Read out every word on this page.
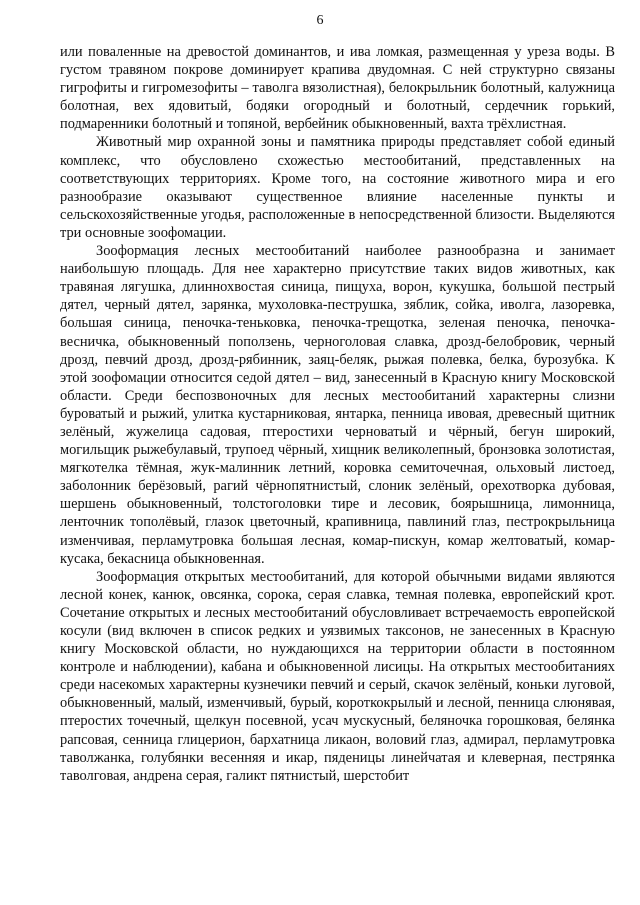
6

или поваленные на древостой доминантов, и ива ломкая, размещенная у уреза воды. В густом травяном покрове доминирует крапива двудомная. С ней структурно связаны гигрофиты и гигромезофиты – таволга вязолистная), белокрыльник болотный, калужница болотная, вех ядовитый, бодяки огородный и болотный, сердечник горький, подмаренники болотный и топяной, вербейник обыкновенный, вахта трёхлистная.

Животный мир охранной зоны и памятника природы представляет собой единый комплекс, что обусловлено схожестью местообитаний, представленных на соответствующих территориях. Кроме того, на состояние животного мира и его разнообразие оказывают существенное влияние населенные пункты и сельскохозяйственные угодья, расположенные в непосредственной близости. Выделяются три основные зоофомации.

Зооформация лесных местообитаний наиболее разнообразна и занимает наибольшую площадь. Для нее характерно присутствие таких видов животных, как травяная лягушка, длиннохвостая синица, пищуха, ворон, кукушка, большой пестрый дятел, черный дятел, зарянка, мухоловка-пеструшка, зяблик, сойка, иволга, лазоревка, большая синица, пеночка-теньковка, пеночка-трещотка, зеленая пеночка, пеночка-весничка, обыкновенный поползень, черноголовая славка, дрозд-белобровик, черный дрозд, певчий дрозд, дрозд-рябинник, заяц-беляк, рыжая полевка, белка, бурозубка. К этой зоофомации относится седой дятел – вид, занесенный в Красную книгу Московской области. Среди беспозвоночных для лесных местообитаний характерны слизни буроватый и рыжий, улитка кустарниковая, янтарка, пенница ивовая, древесный щитник зелёный, жужелица садовая, птеростихи черноватый и чёрный, бегун широкий, могильщик рыжебулавый, трупоед чёрный, хищник великолепный, бронзовка золотистая, мягкотелка тёмная, жук-малинник летний, коровка семиточечная, ольховый листоед, заболонник берёзовый, рагий чёрнопятнистый, слоник зелёный, орехотворка дубовая, шершень обыкновенный, толстоголовки тире и лесовик, боярышница, лимонница, ленточник тополёвый, глазок цветочный, крапивница, павлиний глаз, пестрокрыльница изменчивая, перламутровка большая лесная, комар-пискун, комар желтоватый, комар-кусака, бекасница обыкновенная.

Зооформация открытых местообитаний, для которой обычными видами являются лесной конек, канюк, овсянка, сорока, серая славка, темная полевка, европейский крот. Сочетание открытых и лесных местообитаний обусловливает встречаемость европейской косули (вид включен в список редких и уязвимых таксонов, не занесенных в Красную книгу Московской области, но нуждающихся на территории области в постоянном контроле и наблюдении), кабана и обыкновенной лисицы. На открытых местообитаниях среди насекомых характерны кузнечики певчий и серый, скачок зелёный, коньки луговой, обыкновенный, малый, изменчивый, бурый, короткокрылый и лесной, пенница слюнявая, птеростих точечный, щелкун посевной, усач мускусный, беляночка горошковая, белянка рапсовая, сенница глицерион, бархатница ликаон, воловий глаз, адмирал, перламутровка таволжанка, голубянки весенняя и икар, пяденицы линейчатая и клеверная, пестрянка таволговая, андрена серая, галикт пятнистый, шерстобит
